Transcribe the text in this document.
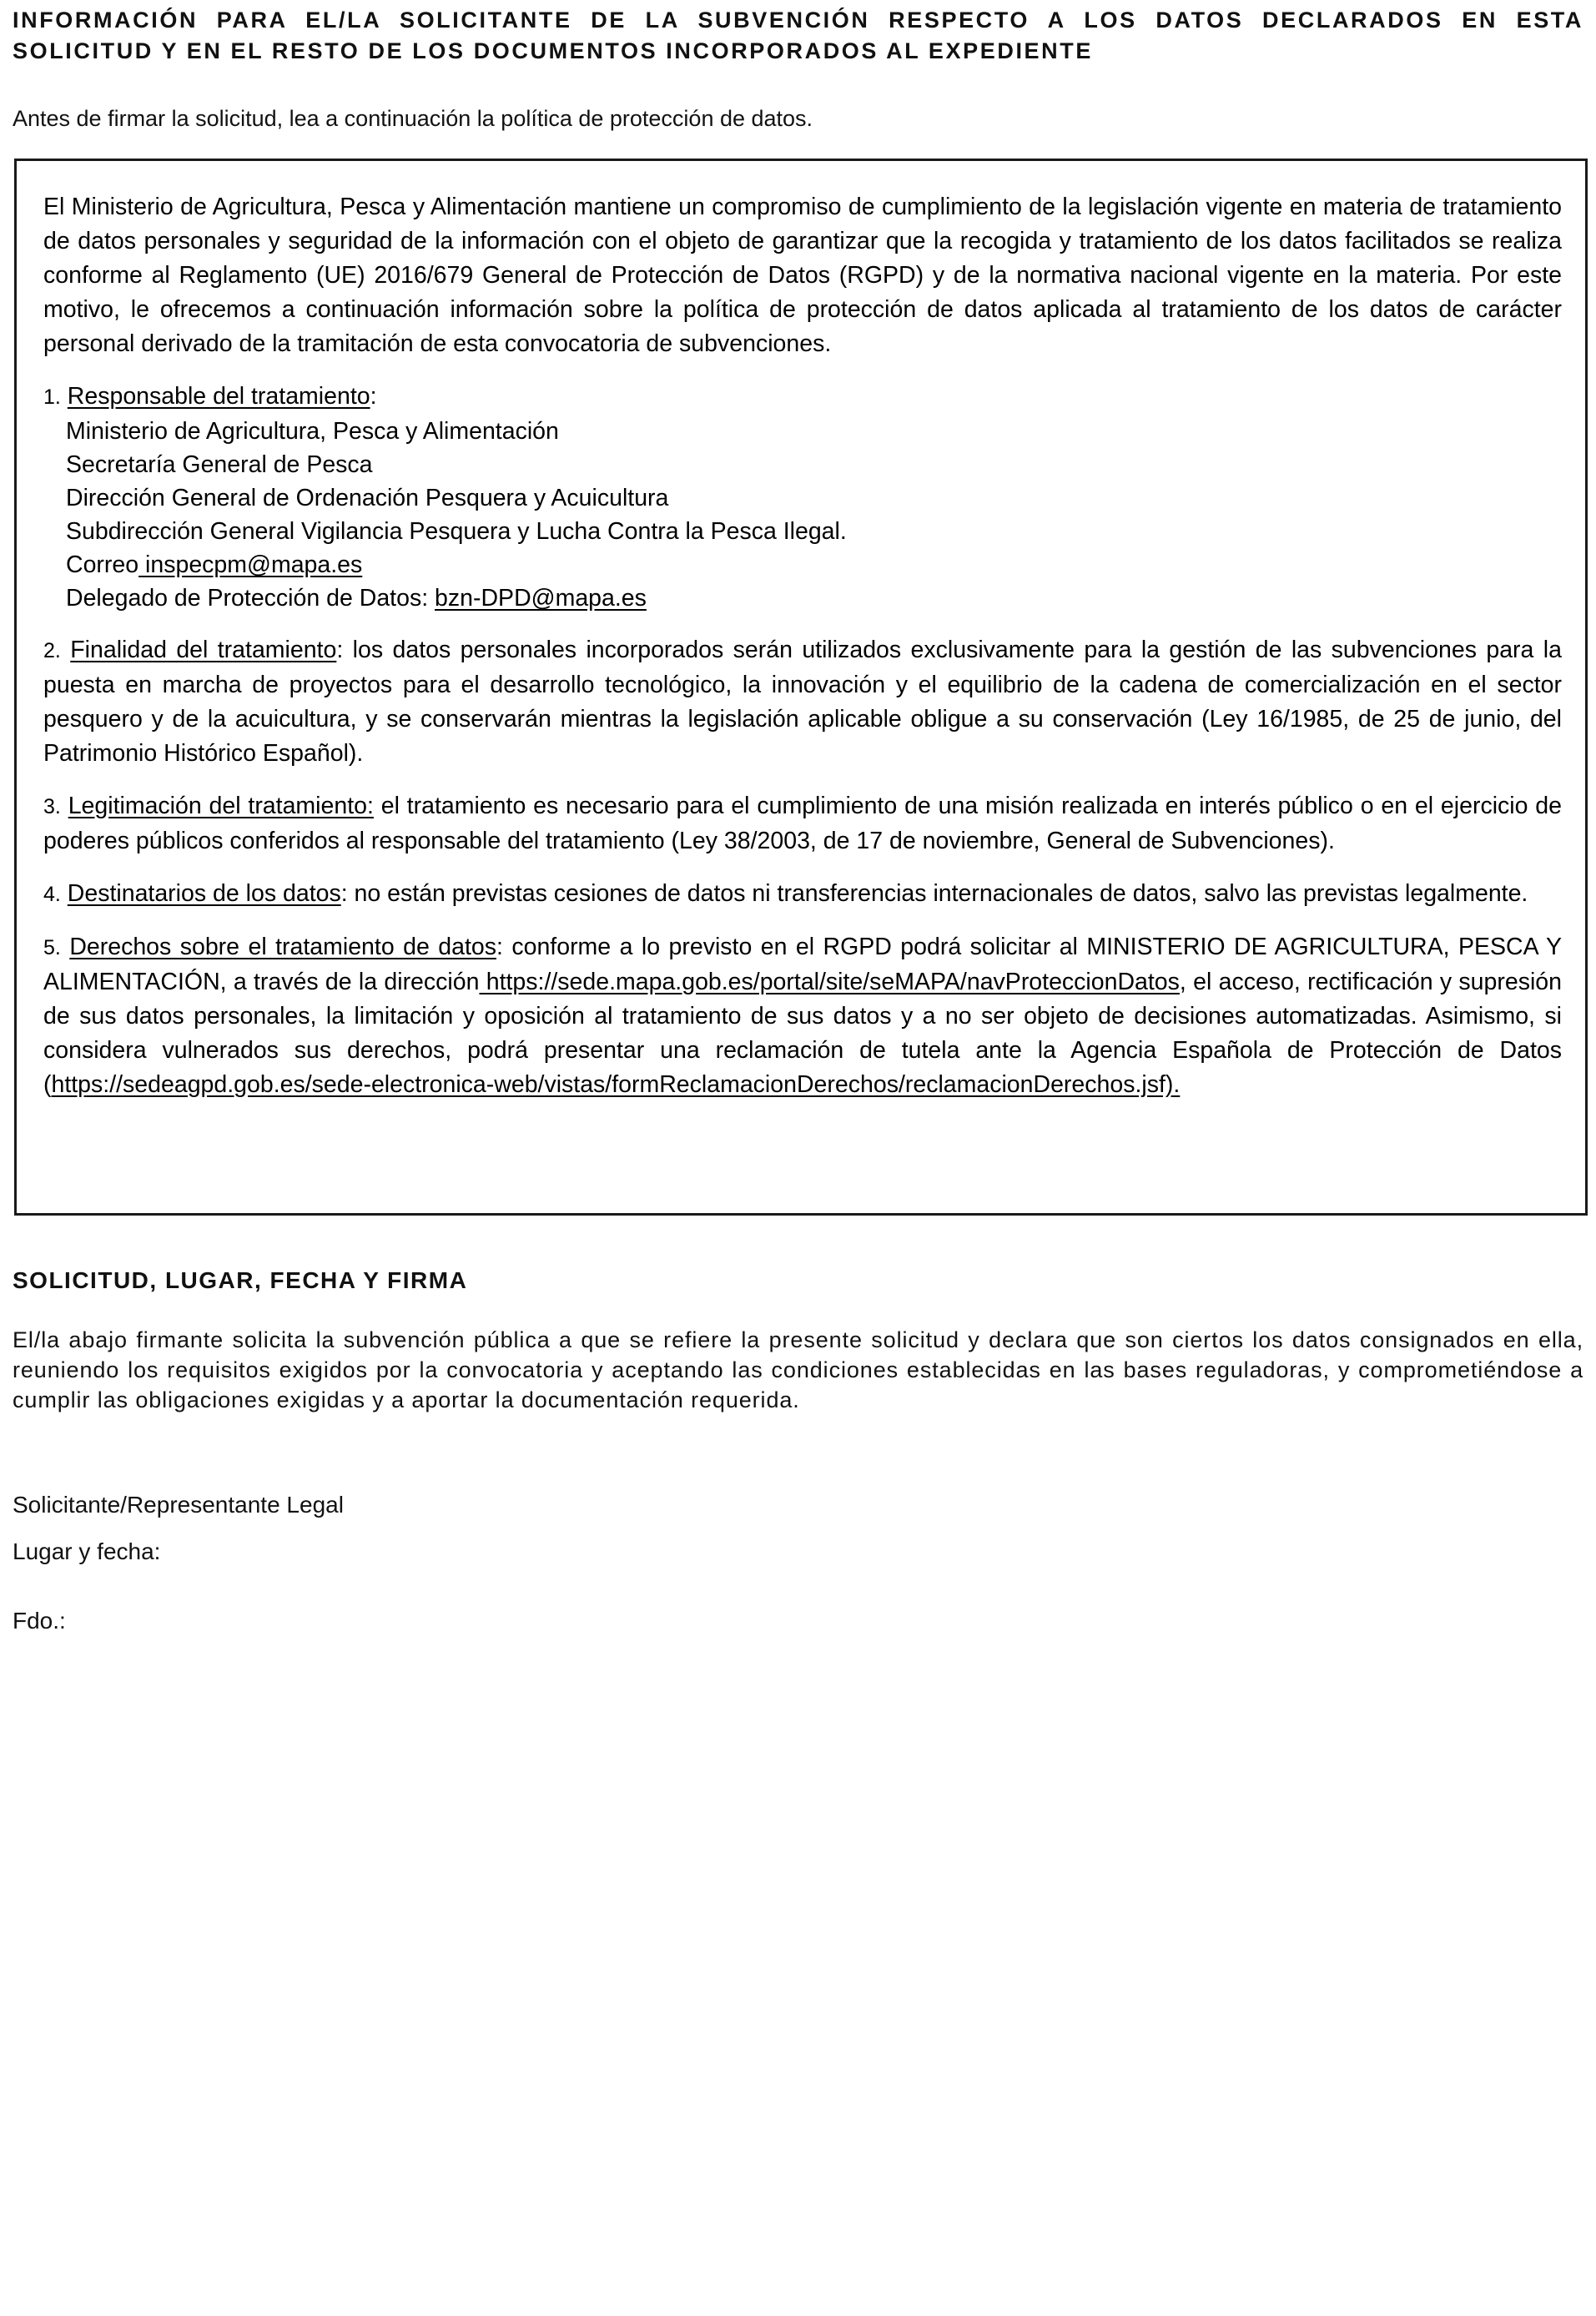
INFORMACIÓN PARA EL/LA SOLICITANTE DE LA SUBVENCIÓN RESPECTO A LOS DATOS DECLARADOS EN ESTA SOLICITUD Y EN EL RESTO DE LOS DOCUMENTOS INCORPORADOS AL EXPEDIENTE

Antes de firmar la solicitud, lea a continuación la política de protección de datos.

El Ministerio de Agricultura, Pesca y Alimentación mantiene un compromiso de cumplimiento de la legislación vigente en materia de tratamiento de datos personales y seguridad de la información con el objeto de garantizar que la recogida y tratamiento de los datos facilitados se realiza conforme al Reglamento (UE) 2016/679 General de Protección de Datos (RGPD) y de la normativa nacional vigente en la materia. Por este motivo, le ofrecemos a continuación información sobre la política de protección de datos aplicada al tratamiento de los datos de carácter personal derivado de la tramitación de esta convocatoria de subvenciones.

1. Responsable del tratamiento:
Ministerio de Agricultura, Pesca y Alimentación
Secretaría General de Pesca
Dirección General de Ordenación Pesquera y Acuicultura
Subdirección General Vigilancia Pesquera y Lucha Contra la Pesca Ilegal.
Correo inspecpm@mapa.es
Delegado de Protección de Datos: bzn-DPD@mapa.es

2. Finalidad del tratamiento: los datos personales incorporados serán utilizados exclusivamente para la gestión de las subvenciones para la puesta en marcha de proyectos para el desarrollo tecnológico, la innovación y el equilibrio de la cadena de comercialización en el sector pesquero y de la acuicultura, y se conservarán mientras la legislación aplicable obligue a su conservación (Ley 16/1985, de 25 de junio, del Patrimonio Histórico Español).

3. Legitimación del tratamiento: el tratamiento es necesario para el cumplimiento de una misión realizada en interés público o en el ejercicio de poderes públicos conferidos al responsable del tratamiento (Ley 38/2003, de 17 de noviembre, General de Subvenciones).

4. Destinatarios de los datos: no están previstas cesiones de datos ni transferencias internacionales de datos, salvo las previstas legalmente.

5. Derechos sobre el tratamiento de datos: conforme a lo previsto en el RGPD podrá solicitar al MINISTERIO DE AGRICULTURA, PESCA Y ALIMENTACIÓN, a través de la dirección https://sede.mapa.gob.es/portal/site/seMAPA/navProteccionDatos, el acceso, rectificación y supresión de sus datos personales, la limitación y oposición al tratamiento de sus datos y a no ser objeto de decisiones automatizadas. Asimismo, si considera vulnerados sus derechos, podrá presentar una reclamación de tutela ante la Agencia Española de Protección de Datos (https://sedeagpd.gob.es/sede-electronica-web/vistas/formReclamacionDerechos/reclamacionDerechos.jsf).

SOLICITUD, LUGAR, FECHA Y FIRMA

El/la abajo firmante solicita la subvención pública a que se refiere la presente solicitud y declara que son ciertos los datos consignados en ella, reuniendo los requisitos exigidos por la convocatoria y aceptando las condiciones establecidas en las bases reguladoras, y comprometiéndose a cumplir las obligaciones exigidas y a aportar la documentación requerida.

Solicitante/Representante Legal

Lugar y fecha:

Fdo.:
